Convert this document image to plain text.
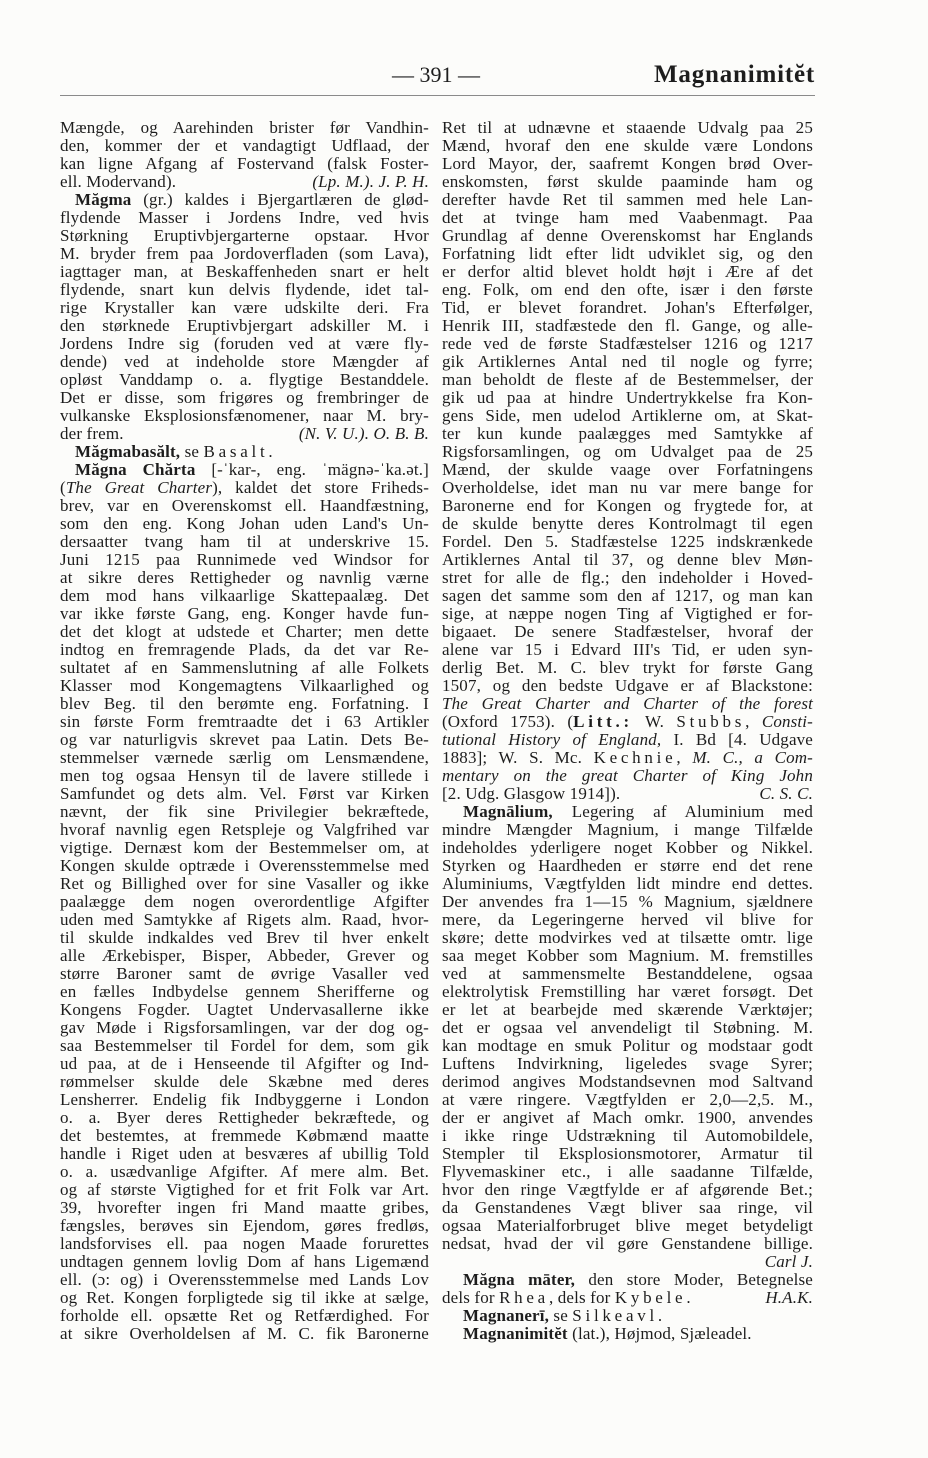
— 391 —	Magnanimitĕt
Mængde, og Aarehinden brister før Vandhin-
den, kommer der et vandagtigt Udflaad, der
kan ligne Afgang af Fostervand (falsk Foster-
ell. Modervand).	(Lp. M.). J. P. H.
Măgma (gr.) kaldes i Bjergartlæren de glød-
flydende Masser i Jordens Indre, ved hvis
Størkning Eruptivbjergarterne opstaar. Hvor
M. bryder frem paa Jordoverfladen (som Lava),
iagttager man, at Beskaffenheden snart er helt
flydende, snart kun delvis flydende, idet tal-
rige Krystaller kan være udskilte deri. Fra
den størknede Eruptivbjergart adskiller M. i
Jordens Indre sig (foruden ved at være fly-
dende) ved at indeholde store Mængder af
opløst Vanddamp o. a. flygtige Bestanddele.
Det er disse, som frigøres og frembringer de
vulkanske Eksplosionsfænomener, naar M. bry-
der frem.	(N. V. U.). O. B. B.
Măgmabasălt, se Basalt.
Măgna Chărta [-ˈkar-, eng. ˈmägnə-ˈka.ət.]
(The Great Charter), kaldet det store Friheds-
brev, var en Overenskomst ell. Haandfæstning,
som den eng. Kong Johan uden Land's Un-
dersaatter tvang ham til at underskrive 15.
Juni 1215 paa Runnimede ved Windsor for
at sikre deres Rettigheder og navnlig værne
dem mod hans vilkaarlige Skattepaalæg. Det
var ikke første Gang, eng. Konger havde fun-
det det klogt at udstede et Charter; men dette
indtog en fremragende Plads, da det var Re-
sultatet af en Sammenslutning af alle Folkets
Klasser mod Kongemagtens Vilkaarlighed og
blev Beg. til den berømte eng. Forfatning. I
sin første Form fremtraadte det i 63 Artikler
og var naturligvis skrevet paa Latin. Dets Be-
stemmelser værnede særlig om Lensmændene,
men tog ogsaa Hensyn til de lavere stillede i
Samfundet og dets alm. Vel. Først var Kirken
nævnt, der fik sine Privilegier bekræftede,
hvoraf navnlig egen Retspleje og Valgfrihed var
vigtige. Dernæst kom der Bestemmelser om, at
Kongen skulde optræde i Overensstemmelse med
Ret og Billighed over for sine Vasaller og ikke
paalægge dem nogen overordentlige Afgifter
uden med Samtykke af Rigets alm. Raad, hvor-
til skulde indkaldes ved Brev til hver enkelt
alle Ærkebisper, Bisper, Abbeder, Grever og
større Baroner samt de øvrige Vasaller ved
en fælles Indbydelse gennem Sherifferne og
Kongens Fogder. Uagtet Undervasallerne ikke
gav Møde i Rigsforsamlingen, var der dog og-
saa Bestemmelser til Fordel for dem, som gik
ud paa, at de i Henseende til Afgifter og Ind-
rømmelser skulde dele Skæbne med deres
Lensherrer. Endelig fik Indbyggerne i London
o. a. Byer deres Rettigheder bekræftede, og
det bestemtes, at fremmede Købmænd maatte
handle i Riget uden at besværes af ubillig Told
o. a. usædvanlige Afgifter. Af mere alm. Bet.
og af største Vigtighed for et frit Folk var Art.
39, hvorefter ingen fri Mand maatte gribes,
fængsles, berøves sin Ejendom, gøres fredløs,
landsforvises ell. paa nogen Maade forurettes
undtagen gennem lovlig Dom af hans Ligemænd
ell. (ɔ: og) i Overensstemmelse med Lands Lov
og Ret. Kongen forpligtede sig til ikke at sælge,
forholde ell. opsætte Ret og Retfærdighed. For
at sikre Overholdelsen af M. C. fik Baronerne
Ret til at udnævne et staaende Udvalg paa 25
Mænd, hvoraf den ene skulde være Londons
Lord Mayor, der, saafremt Kongen brød Over-
enskomsten, først skulde paaminde ham og
derefter havde Ret til sammen med hele Lan-
det at tvinge ham med Vaabenmagt. Paa
Grundlag af denne Overenskomst har Englands
Forfatning lidt efter lidt udviklet sig, og den
er derfor altid blevet holdt højt i Ære af det
eng. Folk, om end den ofte, især i den første
Tid, er blevet forandret. Johan's Efterfølger,
Henrik III, stadfæstede den fl. Gange, og alle-
rede ved de første Stadfæstelser 1216 og 1217
gik Artiklernes Antal ned til nogle og fyrre;
man beholdt de fleste af de Bestemmelser, der
gik ud paa at hindre Undertrykkelse fra Kon-
gens Side, men udelod Artiklerne om, at Skat-
ter kun kunde paalægges med Samtykke af
Rigsforsamlingen, og om Udvalget paa de 25
Mænd, der skulde vaage over Forfatningens
Overholdelse, idet man nu var mere bange for
Baronerne end for Kongen og frygtede for, at
de skulde benytte deres Kontrolmagt til egen
Fordel. Den 5. Stadfæstelse 1225 indskrænkede
Artiklernes Antal til 37, og denne blev Møn-
stret for alle de flg.; den indeholder i Hoved-
sagen det samme som den af 1217, og man kan
sige, at næppe nogen Ting af Vigtighed er for-
bigaaet. De senere Stadfæstelser, hvoraf der
alene var 15 i Edvard III's Tid, er uden syn-
derlig Bet. M. C. blev trykt for første Gang
1507, og den bedste Udgave er af Blackstone:
The Great Charter and Charter of the forest
(Oxford 1753). (Litt.: W. Stubbs, Consti-
tutional History of England, I. Bd [4. Udgave
1883]; W. S. Mc. Kechnie, M. C., a Com-
mentary on the great Charter of King John
[2. Udg. Glasgow 1914]).	C. S. C.
Magnālium, Legering af Aluminium med
mindre Mængder Magnium, i mange Tilfælde
indeholdes yderligere noget Kobber og Nikkel.
Styrken og Haardheden er større end det rene
Aluminiums, Vægtfylden lidt mindre end dettes.
Der anvendes fra 1—15 % Magnium, sjældnere
mere, da Legeringerne herved vil blive for
skøre; dette modvirkes ved at tilsætte omtr. lige
saa meget Kobber som Magnium. M. fremstilles
ved at sammensmelte Bestanddelene, ogsaa
elektrolytisk Fremstilling har været forsøgt. Det
er let at bearbejde med skærende Værktøjer;
det er ogsaa vel anvendeligt til Støbning. M.
kan modtage en smuk Politur og modstaar godt
Luftens Indvirkning, ligeledes svage Syrer;
derimod angives Modstandsevnen mod Saltvand
at være ringere. Vægtfylden er 2,0—2,5. M.,
der er angivet af Mach omkr. 1900, anvendes
i ikke ringe Udstrækning til Automobildele,
Stempler til Eksplosionsmotorer, Armatur til
Flyvemaskiner etc., i alle saadanne Tilfælde,
hvor den ringe Vægtfylde er af afgørende Bet.;
da Genstandenes Vægt bliver saa ringe, vil
ogsaa Materialforbruget blive meget betydeligt
nedsat, hvad der vil gøre Genstandene billige.
Carl J.
Măgna māter, den store Moder, Betegnelse
dels for Rhea, dels for Kybele.	H.A.K.
Magnanerī, se Silkeavl.
Magnanimitĕt (lat.), Højmod, Sjæleadel.
